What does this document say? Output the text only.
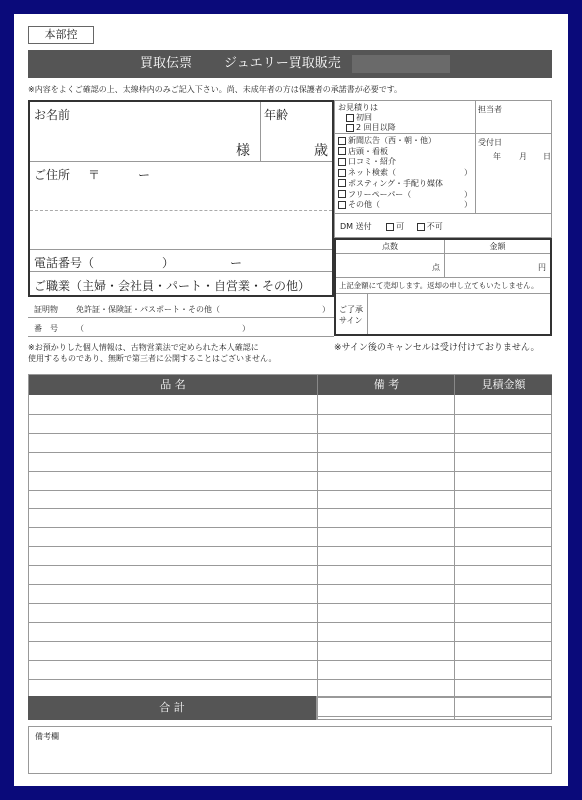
本部控
買取伝票 ジュエリー買取販売
※内容をよくご確認の上、太線枠内のみご記入下さい。尚、未成年者の方は保護者の承諾書が必要です。
お名前
様
年齢
歳
ご住所 〒	ー
電話番号（	）	ー
ご職業（主婦・会社員・パート・自営業・その他）
証明物 免許証・保険証・パスポート・その他（	）
番　号 （	）
※お預かりした個人情報は、古物営業法で定められた本人確認に
使用するものであり、無断で第三者に公開することはございません。
お見積りは
初回
2 回目以降
担当者
受付日
年 月 日
新聞広告（西・朝・他）
店頭・看板
口コミ・紹介
ネット検索（	）
ポスティング・手配り媒体
フリーペーパー（	）
その他（	）
DM 送付	可	不可
点数	金額
点	円
上記金額にて売却します。返却の申し立てもいたしません。
ご了承
サイン
※サイン後のキャンセルは受け付けておりません。
品 名	備 考	見積金額
合 計
備考欄
